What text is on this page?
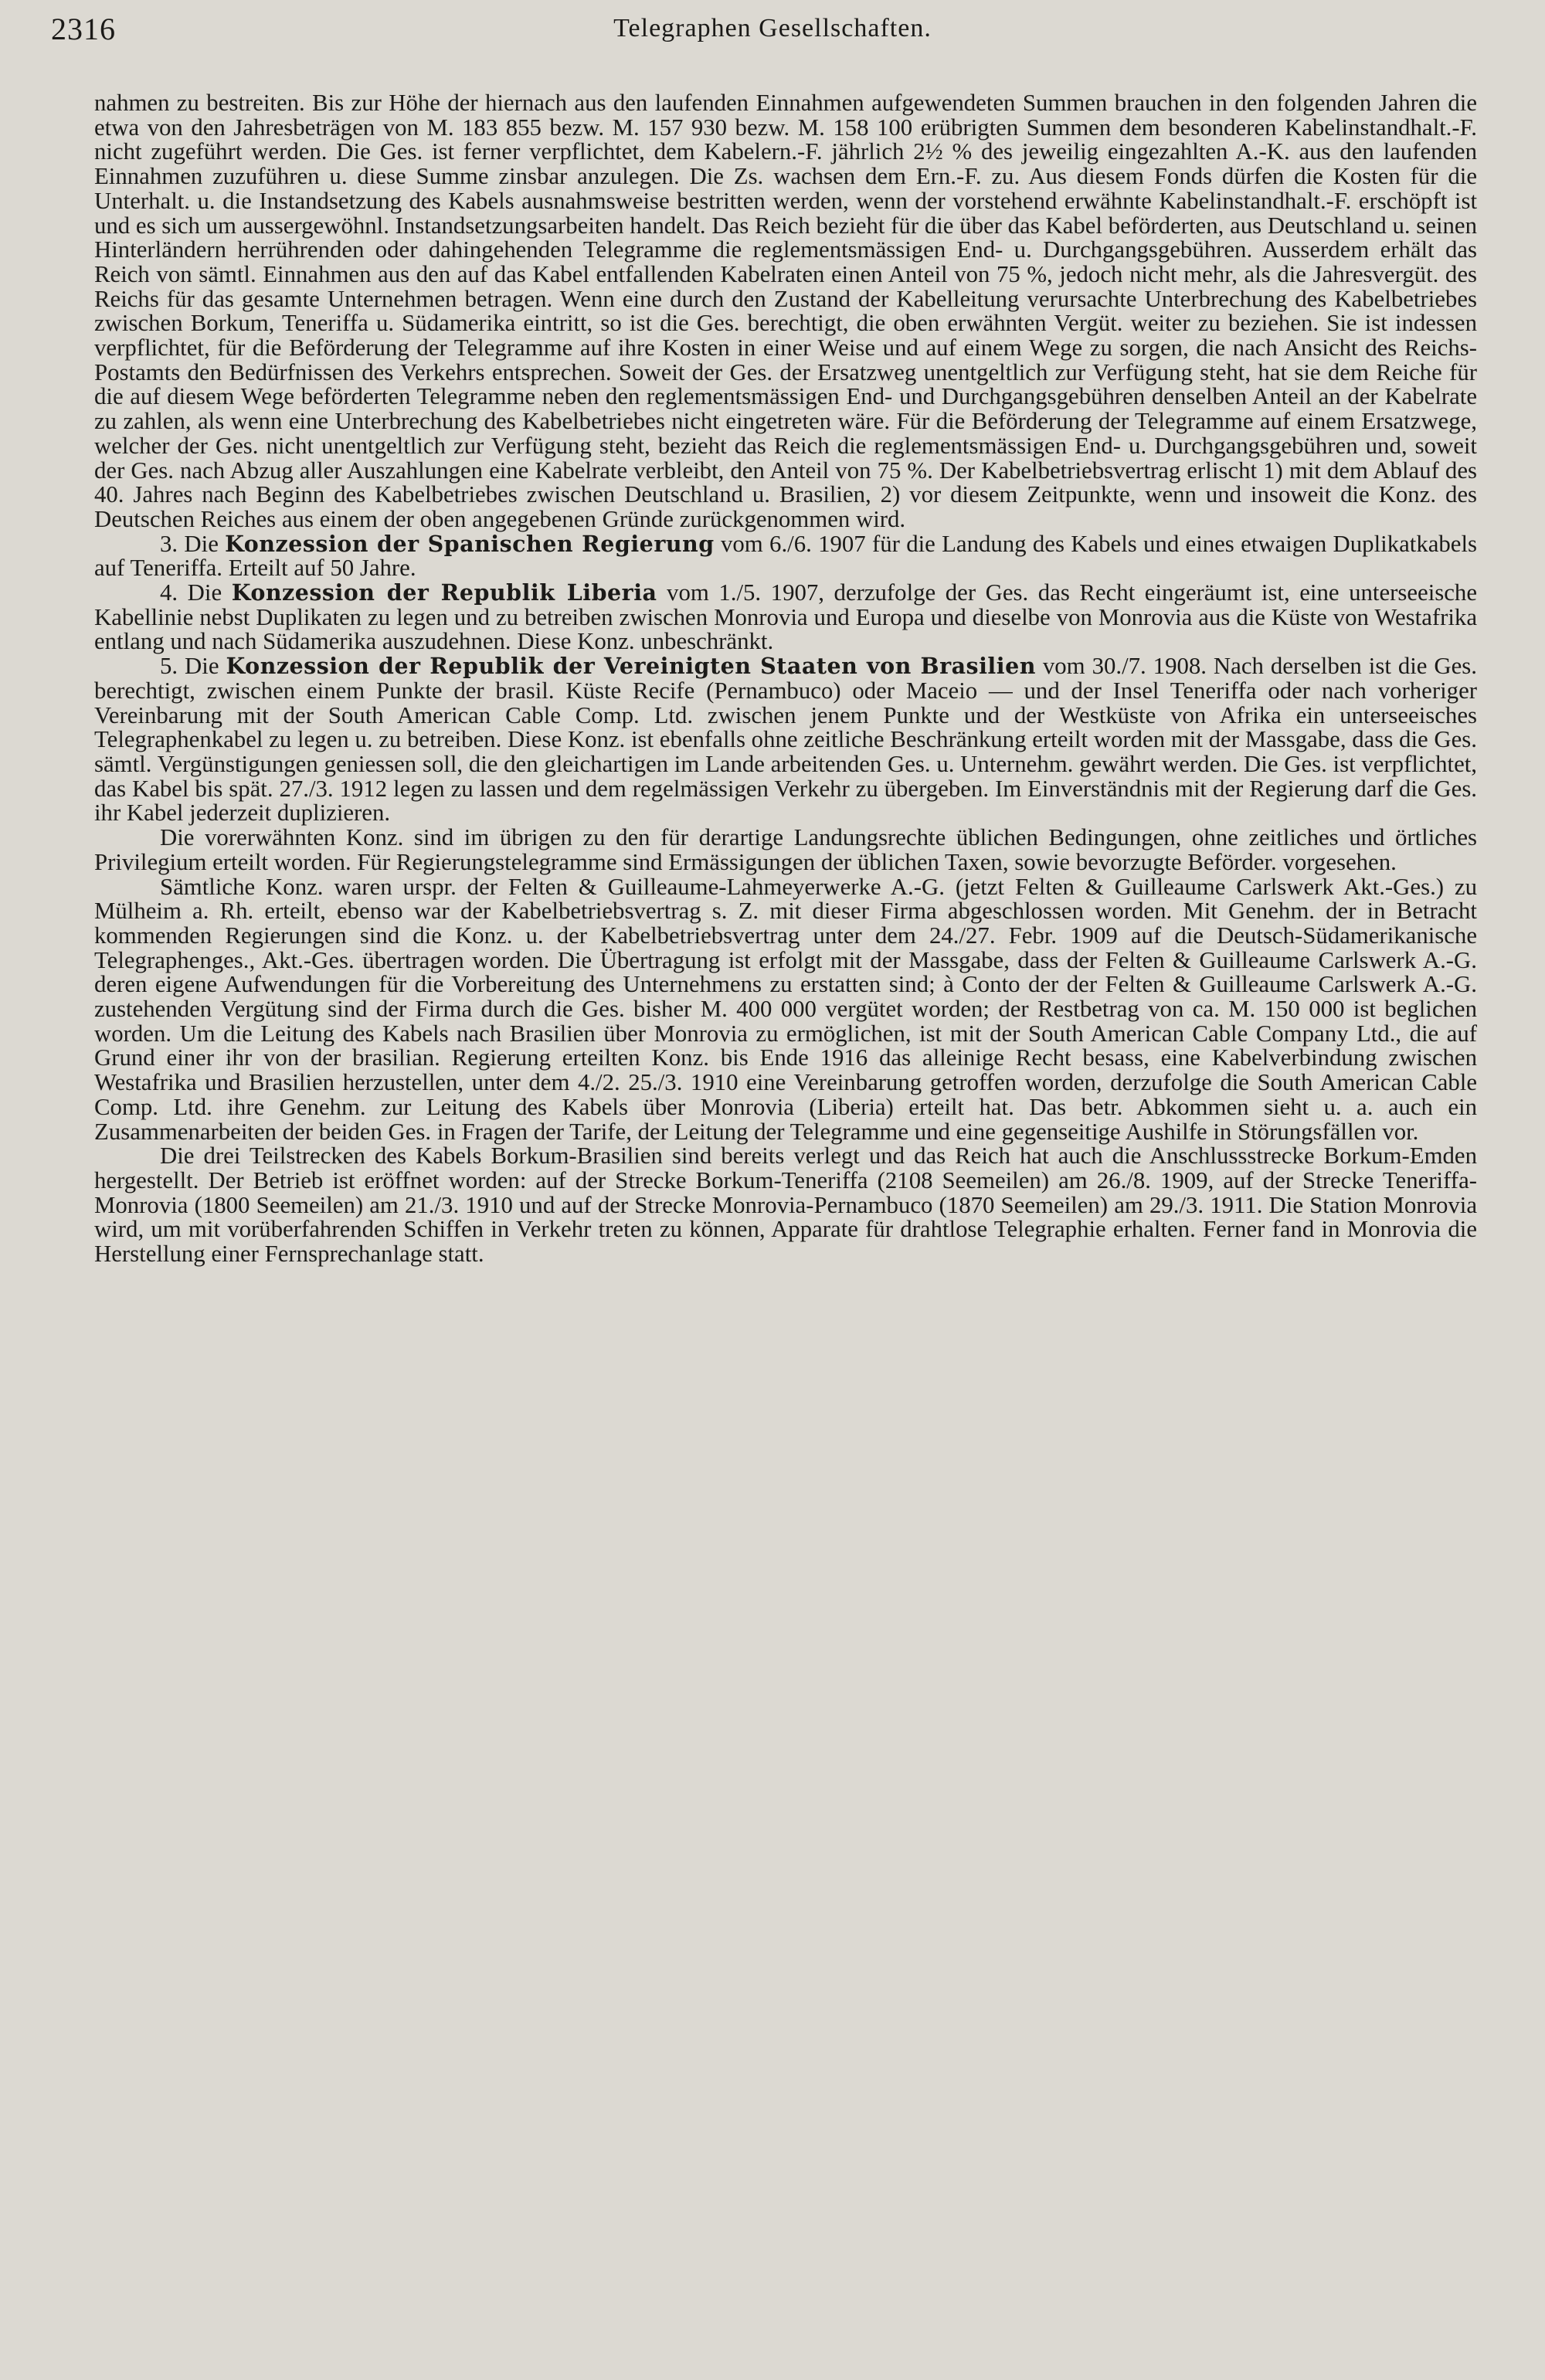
2316	Telegraphen Gesellschaften.

nahmen zu bestreiten. Bis zur Höhe der hiernach aus den laufenden Einnahmen aufgewendeten Summen brauchen in den folgenden Jahren die etwa von den Jahresbeträgen von M. 183 855 bezw. M. 157 930 bezw. M. 158 100 erübrigten Summen dem besonderen Kabelinstandhalt.-F. nicht zugeführt werden. Die Ges. ist ferner verpflichtet, dem Kabelern.-F. jährlich 2½ % des jeweilig eingezahlten A.-K. aus den laufenden Einnahmen zuzuführen u. diese Summe zinsbar anzulegen. Die Zs. wachsen dem Ern.-F. zu. Aus diesem Fonds dürfen die Kosten für die Unterhalt. u. die Instandsetzung des Kabels ausnahmsweise bestritten werden, wenn der vorstehend erwähnte Kabelinstandhalt.-F. erschöpft ist und es sich um aussergewöhnl. Instandsetzungsarbeiten handelt. Das Reich bezieht für die über das Kabel beförderten, aus Deutschland u. seinen Hinterländern herrührenden oder dahingehenden Telegramme die reglementsmässigen End- u. Durchgangsgebühren. Ausserdem erhält das Reich von sämtl. Einnahmen aus den auf das Kabel entfallenden Kabelraten einen Anteil von 75 %, jedoch nicht mehr, als die Jahresvergüt. des Reichs für das gesamte Unternehmen betragen. Wenn eine durch den Zustand der Kabelleitung verursachte Unterbrechung des Kabelbetriebes zwischen Borkum, Teneriffa u. Südamerika eintritt, so ist die Ges. berechtigt, die oben erwähnten Vergüt. weiter zu beziehen. Sie ist indessen verpflichtet, für die Beförderung der Telegramme auf ihre Kosten in einer Weise und auf einem Wege zu sorgen, die nach Ansicht des Reichs-Postamts den Bedürfnissen des Verkehrs entsprechen. Soweit der Ges. der Ersatzweg unentgeltlich zur Verfügung steht, hat sie dem Reiche für die auf diesem Wege beförderten Telegramme neben den reglementsmässigen End- und Durchgangsgebühren denselben Anteil an der Kabelrate zu zahlen, als wenn eine Unterbrechung des Kabelbetriebes nicht eingetreten wäre. Für die Beförderung der Telegramme auf einem Ersatzwege, welcher der Ges. nicht unentgeltlich zur Verfügung steht, bezieht das Reich die reglementsmässigen End- u. Durchgangsgebühren und, soweit der Ges. nach Abzug aller Auszahlungen eine Kabelrate verbleibt, den Anteil von 75 %. Der Kabelbetriebsvertrag erlischt 1) mit dem Ablauf des 40. Jahres nach Beginn des Kabelbetriebes zwischen Deutschland u. Brasilien, 2) vor diesem Zeitpunkte, wenn und insoweit die Konz. des Deutschen Reiches aus einem der oben angegebenen Gründe zurückgenommen wird.

3. Die Konzession der Spanischen Regierung vom 6./6. 1907 für die Landung des Kabels und eines etwaigen Duplikatkabels auf Teneriffa. Erteilt auf 50 Jahre.

4. Die Konzession der Republik Liberia vom 1./5. 1907, derzufolge der Ges. das Recht eingeräumt ist, eine unterseeische Kabellinie nebst Duplikaten zu legen und zu betreiben zwischen Monrovia und Europa und dieselbe von Monrovia aus die Küste von Westafrika entlang und nach Südamerika auszudehnen. Diese Konz. unbeschränkt.

5. Die Konzession der Republik der Vereinigten Staaten von Brasilien vom 30./7. 1908. Nach derselben ist die Ges. berechtigt, zwischen einem Punkte der brasil. Küste Recife (Pernambuco) oder Maceio — und der Insel Teneriffa oder nach vorheriger Vereinbarung mit der South American Cable Comp. Ltd. zwischen jenem Punkte und der Westküste von Afrika ein unterseeisches Telegraphenkabel zu legen u. zu betreiben. Diese Konz. ist ebenfalls ohne zeitliche Beschränkung erteilt worden mit der Massgabe, dass die Ges. sämtl. Vergünstigungen geniessen soll, die den gleichartigen im Lande arbeitenden Ges. u. Unternehm. gewährt werden. Die Ges. ist verpflichtet, das Kabel bis spät. 27./3. 1912 legen zu lassen und dem regelmässigen Verkehr zu übergeben. Im Einverständnis mit der Regierung darf die Ges. ihr Kabel jederzeit duplizieren.

Die vorerwähnten Konz. sind im übrigen zu den für derartige Landungsrechte üblichen Bedingungen, ohne zeitliches und örtliches Privilegium erteilt worden. Für Regierungstelegramme sind Ermässigungen der üblichen Taxen, sowie bevorzugte Beförder. vorgesehen.

Sämtliche Konz. waren urspr. der Felten & Guilleaume-Lahmeyerwerke A.-G. (jetzt Felten & Guilleaume Carlswerk Akt.-Ges.) zu Mülheim a. Rh. erteilt, ebenso war der Kabelbetriebsvertrag s. Z. mit dieser Firma abgeschlossen worden. Mit Genehm. der in Betracht kommenden Regierungen sind die Konz. u. der Kabelbetriebsvertrag unter dem 24./27. Febr. 1909 auf die Deutsch-Südamerikanische Telegraphenges., Akt.-Ges. übertragen worden. Die Übertragung ist erfolgt mit der Massgabe, dass der Felten & Guilleaume Carlswerk A.-G. deren eigene Aufwendungen für die Vorbereitung des Unternehmens zu erstatten sind; à Conto der der Felten & Guilleaume Carlswerk A.-G. zustehenden Vergütung sind der Firma durch die Ges. bisher M. 400 000 vergütet worden; der Restbetrag von ca. M. 150 000 ist beglichen worden. Um die Leitung des Kabels nach Brasilien über Monrovia zu ermöglichen, ist mit der South American Cable Company Ltd., die auf Grund einer ihr von der brasilian. Regierung erteilten Konz. bis Ende 1916 das alleinige Recht besass, eine Kabelverbindung zwischen Westafrika und Brasilien herzustellen, unter dem 4./2. 25./3. 1910 eine Vereinbarung getroffen worden, derzufolge die South American Cable Comp. Ltd. ihre Genehm. zur Leitung des Kabels über Monrovia (Liberia) erteilt hat. Das betr. Abkommen sieht u. a. auch ein Zusammenarbeiten der beiden Ges. in Fragen der Tarife, der Leitung der Telegramme und eine gegenseitige Aushilfe in Störungsfällen vor.

Die drei Teilstrecken des Kabels Borkum-Brasilien sind bereits verlegt und das Reich hat auch die Anschlussstrecke Borkum-Emden hergestellt. Der Betrieb ist eröffnet worden: auf der Strecke Borkum-Teneriffa (2108 Seemeilen) am 26./8. 1909, auf der Strecke Teneriffa-Monrovia (1800 Seemeilen) am 21./3. 1910 und auf der Strecke Monrovia-Pernambuco (1870 Seemeilen) am 29./3. 1911. Die Station Monrovia wird, um mit vorüberfahrenden Schiffen in Verkehr treten zu können, Apparate für drahtlose Telegraphie erhalten. Ferner fand in Monrovia die Herstellung einer Fernsprechanlage statt.
